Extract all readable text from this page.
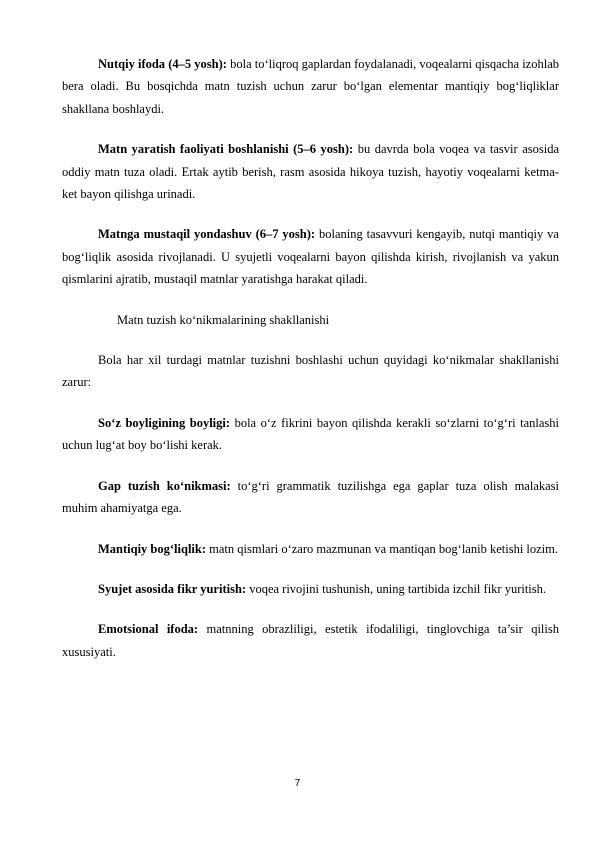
Nutqiy ifoda (4–5 yosh): bola to‘liqroq gaplardan foydalanadi, voqealarni qisqacha izohlab bera oladi. Bu bosqichda matn tuzish uchun zarur bo‘lgan elementar mantiqiy bog‘liqliklar shakllana boshlaydi.

Matn yaratish faoliyati boshlanishi (5–6 yosh): bu davrda bola voqea va tasvir asosida oddiy matn tuza oladi. Ertak aytib berish, rasm asosida hikoya tuzish, hayotiy voqealarni ketma-ket bayon qilishga urinadi.

Matnga mustaqil yondashuv (6–7 yosh): bolaning tasavvuri kengayib, nutqi mantiqiy va bog‘liqlik asosida rivojlanadi. U syujetli voqealarni bayon qilishda kirish, rivojlanish va yakun qismlarini ajratib, mustaqil matnlar yaratishga harakat qiladi.

Matn tuzish ko‘nikmalarining shakllanishi

Bola har xil turdagi matnlar tuzishni boshlashi uchun quyidagi ko‘nikmalar shakllanishi zarur:

So‘z boyligining boyligi: bola o‘z fikrini bayon qilishda kerakli so‘zlarni to‘g‘ri tanlashi uchun lug‘at boy bo‘lishi kerak.

Gap tuzish ko‘nikmasi: to‘g‘ri grammatik tuzilishga ega gaplar tuza olish malakasi muhim ahamiyatga ega.

Mantiqiy bog‘liqlik: matn qismlari o‘zaro mazmunan va mantiqan bog‘lanib ketishi lozim.

Syujet asosida fikr yuritish: voqea rivojini tushunish, uning tartibida izchil fikr yuritish.

Emotsional ifoda: matnning obrazliligi, estetik ifodaliligi, tinglovchiga ta’sir qilish xususiyati.

7
